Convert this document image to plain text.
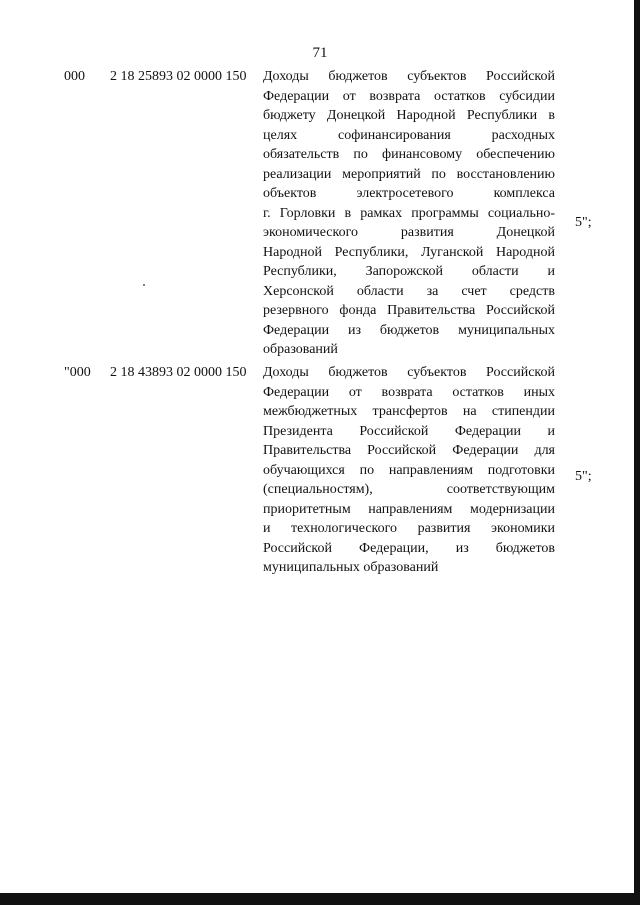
71
000 2 18 25893 02 0000 150 Доходы бюджетов субъектов Российской
Федерации от возврата остатков субсидии
бюджету Донецкой Народной Республики в
целях софинансирования расходных
обязательств по финансовому обеспечению
реализации мероприятий по восстановлению
объектов электросетевого комплекса
г. Горловки в рамках программы социально-
экономического развития Донецкой
Народной Республики, Луганской Народной
Республики, Запорожской области и
Херсонской области за счет средств
резервного фонда Правительства Российской
Федерации из бюджетов муниципальных
образований
5";
"000 2 18 43893 02 0000 150 Доходы бюджетов субъектов Российской
Федерации от возврата остатков иных
межбюджетных трансфертов на стипендии
Президента Российской Федерации и
Правительства Российской Федерации для
обучающихся по направлениям подготовки
(специальностям), соответствующим
приоритетным направлениям модернизации
и технологического развития экономики
Российской Федерации, из бюджетов
муниципальных образований
5";
